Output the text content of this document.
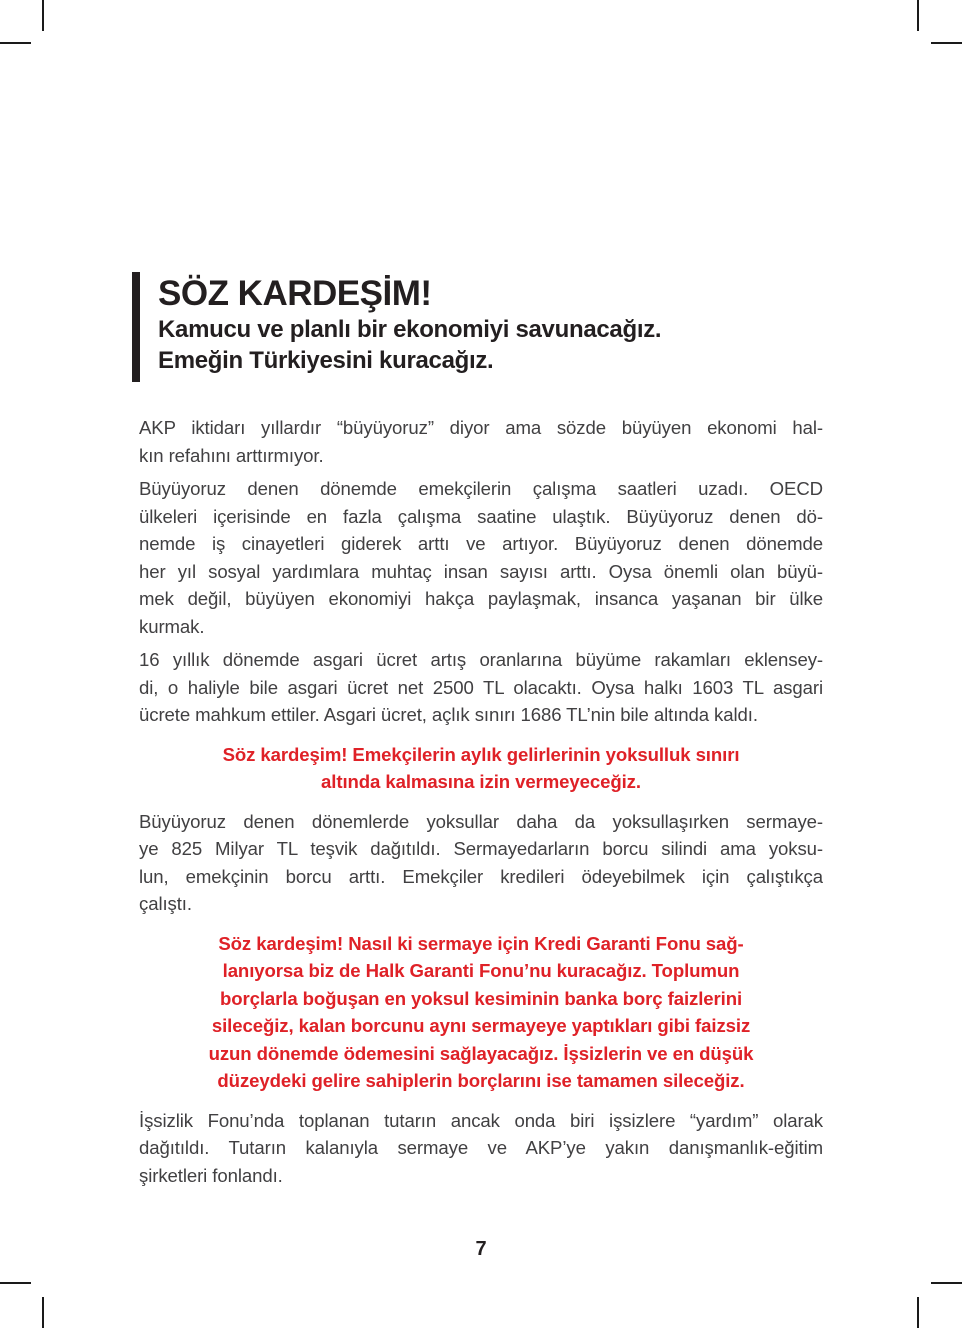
SÖZ KARDEŞİM!
Kamucu ve planlı bir ekonomiyi savunacağız.
Emeğin Türkiyesini kuracağız.
AKP iktidarı yıllardır “büyüyoruz” diyor ama sözde büyüyen ekonomi hal-
kın refahını arttırmıyor.
Büyüyoruz denen dönemde emekçilerin çalışma saatleri uzadı. OECD
ülkeleri içerisinde en fazla çalışma saatine ulaştık. Büyüyoruz denen dö-
nemde iş cinayetleri giderek arttı ve artıyor. Büyüyoruz denen dönemde
her yıl sosyal yardımlara muhtaç insan sayısı arttı. Oysa önemli olan büyü-
mek değil, büyüyen ekonomiyi hakça paylaşmak, insanca yaşanan bir ülke
kurmak.
16 yıllık dönemde asgari ücret artış oranlarına büyüme rakamları eklensey-
di, o haliyle bile asgari ücret net 2500 TL olacaktı. Oysa halkı 1603 TL asgari
ücrete mahkum ettiler. Asgari ücret, açlık sınırı 1686 TL’nin bile altında kaldı.
Söz kardeşim! Emekçilerin aylık gelirlerinin yoksulluk sınırı
altında kalmasına izin vermeyeceğiz.
Büyüyoruz denen dönemlerde yoksullar daha da yoksullaşırken sermaye-
ye 825 Milyar TL teşvik dağıtıldı. Sermayedarların borcu silindi ama yoksu-
lun, emekçinin borcu arttı. Emekçiler kredileri ödeyebilmek için çalıştıkça
çalıştı.
Söz kardeşim! Nasıl ki sermaye için Kredi Garanti Fonu sağ-
lanıyorsa biz de Halk Garanti Fonu’nu kuracağız. Toplumun
borçlarla boğuşan en yoksul kesiminin banka borç faizlerini
sileceğiz, kalan borcunu aynı sermayeye yaptıkları gibi faizsiz
uzun dönemde ödemesini sağlayacağız. İşsizlerin ve en düşük
düzeydeki gelire sahiplerin borçlarını ise tamamen sileceğiz.
İşsizlik Fonu’nda toplanan tutarın ancak onda biri işsizlere “yardım” olarak
dağıtıldı. Tutarın kalanıyla sermaye ve AKP’ye yakın danışmanlık-eğitim
şirketleri fonlandı.
7
